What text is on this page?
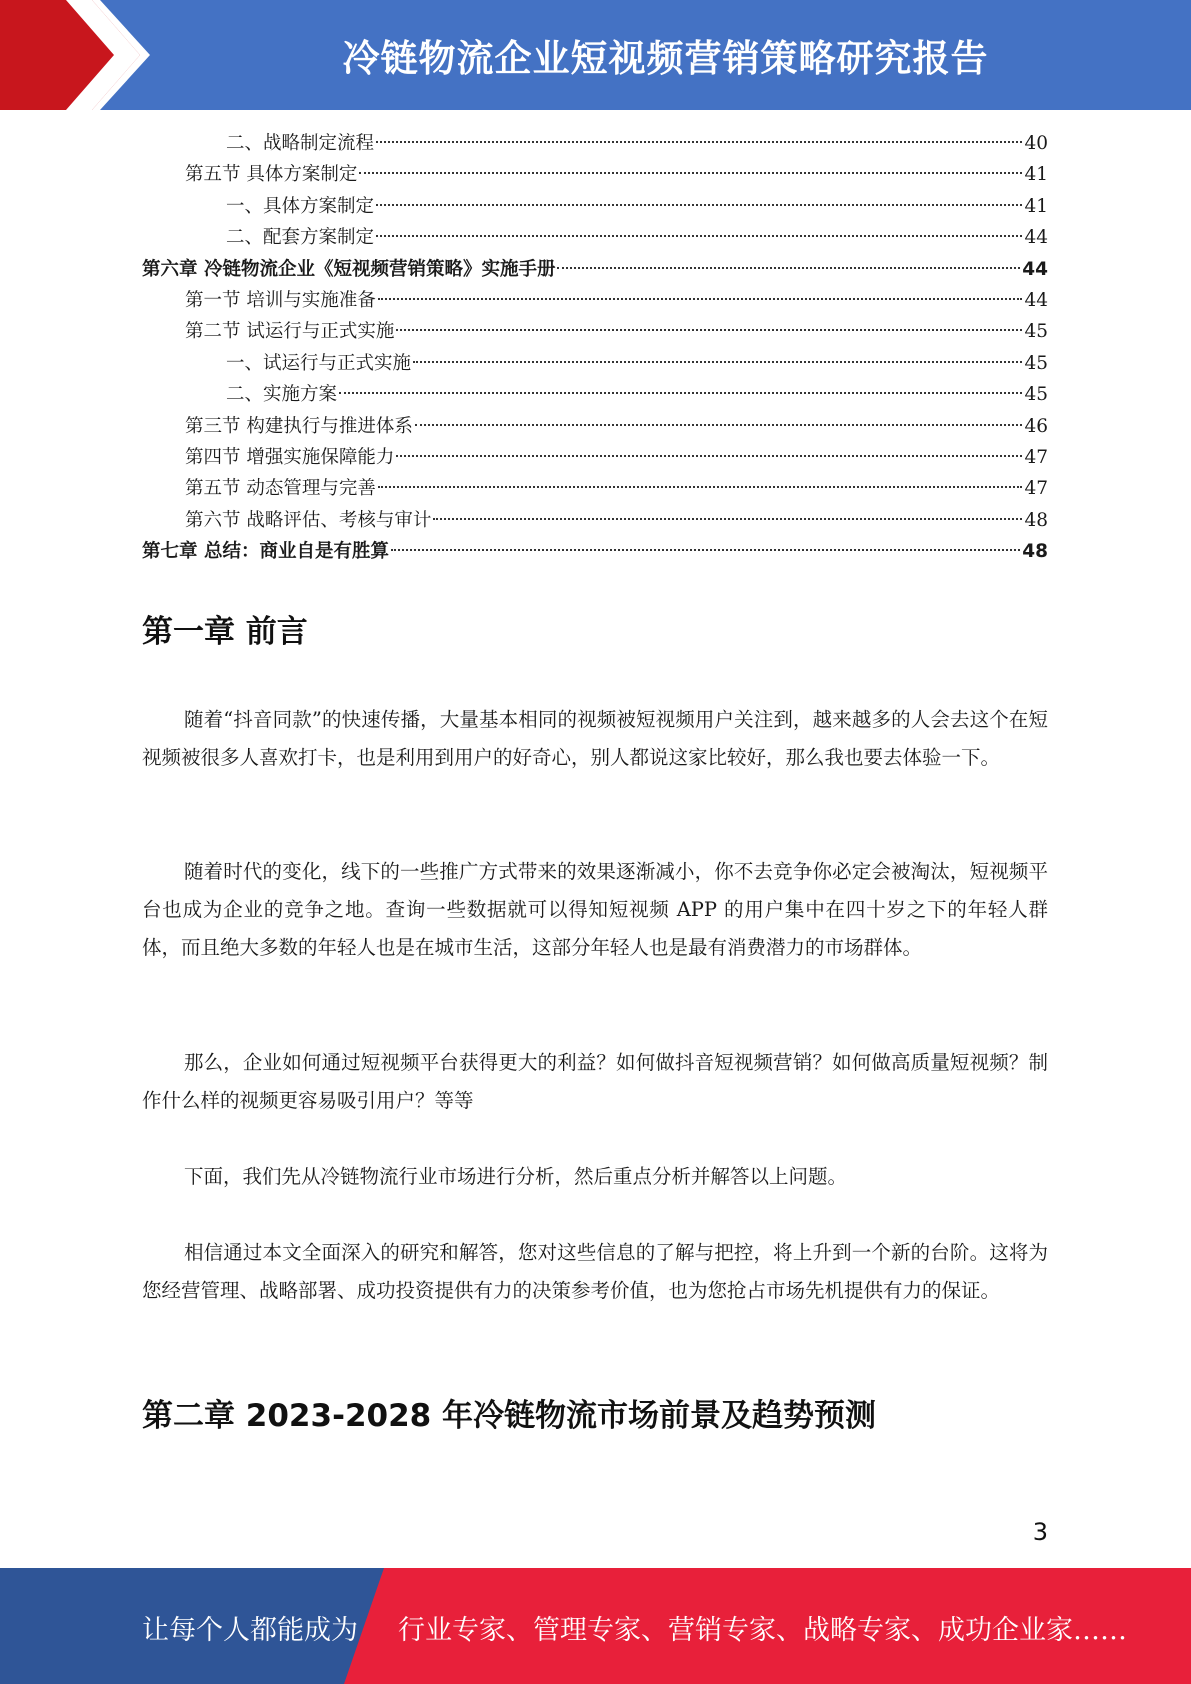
冷链物流企业短视频营销策略研究报告
二、战略制定流程	40
第五节 具体方案制定	41
一、具体方案制定	41
二、配套方案制定	44
第六章 冷链物流企业《短视频营销策略》实施手册	44
第一节 培训与实施准备	44
第二节 试运行与正式实施	45
一、试运行与正式实施	45
二、实施方案	45
第三节 构建执行与推进体系	46
第四节 增强实施保障能力	47
第五节 动态管理与完善	47
第六节 战略评估、考核与审计	48
第七章 总结：商业自是有胜算	48
第一章 前言
随着“抖音同款”的快速传播，大量基本相同的视频被短视频用户关注到，越来越多的人会去这个在短视频被很多人喜欢打卡，也是利用到用户的好奇心，别人都说这家比较好，那么我也要去体验一下。
随着时代的变化，线下的一些推广方式带来的效果逐渐减小，你不去竞争你必定会被淘汰，短视频平台也成为企业的竞争之地。查询一些数据就可以得知短视频 APP 的用户集中在四十岁之下的年轻人群体，而且绝大多数的年轻人也是在城市生活，这部分年轻人也是最有消费潜力的市场群体。
那么，企业如何通过短视频平台获得更大的利益？如何做抖音短视频营销？如何做高质量短视频？制作什么样的视频更容易吸引用户？等等
下面，我们先从冷链物流行业市场进行分析，然后重点分析并解答以上问题。
相信通过本文全面深入的研究和解答，您对这些信息的了解与把控，将上升到一个新的台阶。这将为您经营管理、战略部署、成功投资提供有力的决策参考价值，也为您抢占市场先机提供有力的保证。
第二章 2023-2028 年冷链物流市场前景及趋势预测
3
让每个人都能成为 行业专家、管理专家、营销专家、战略专家、成功企业家……
